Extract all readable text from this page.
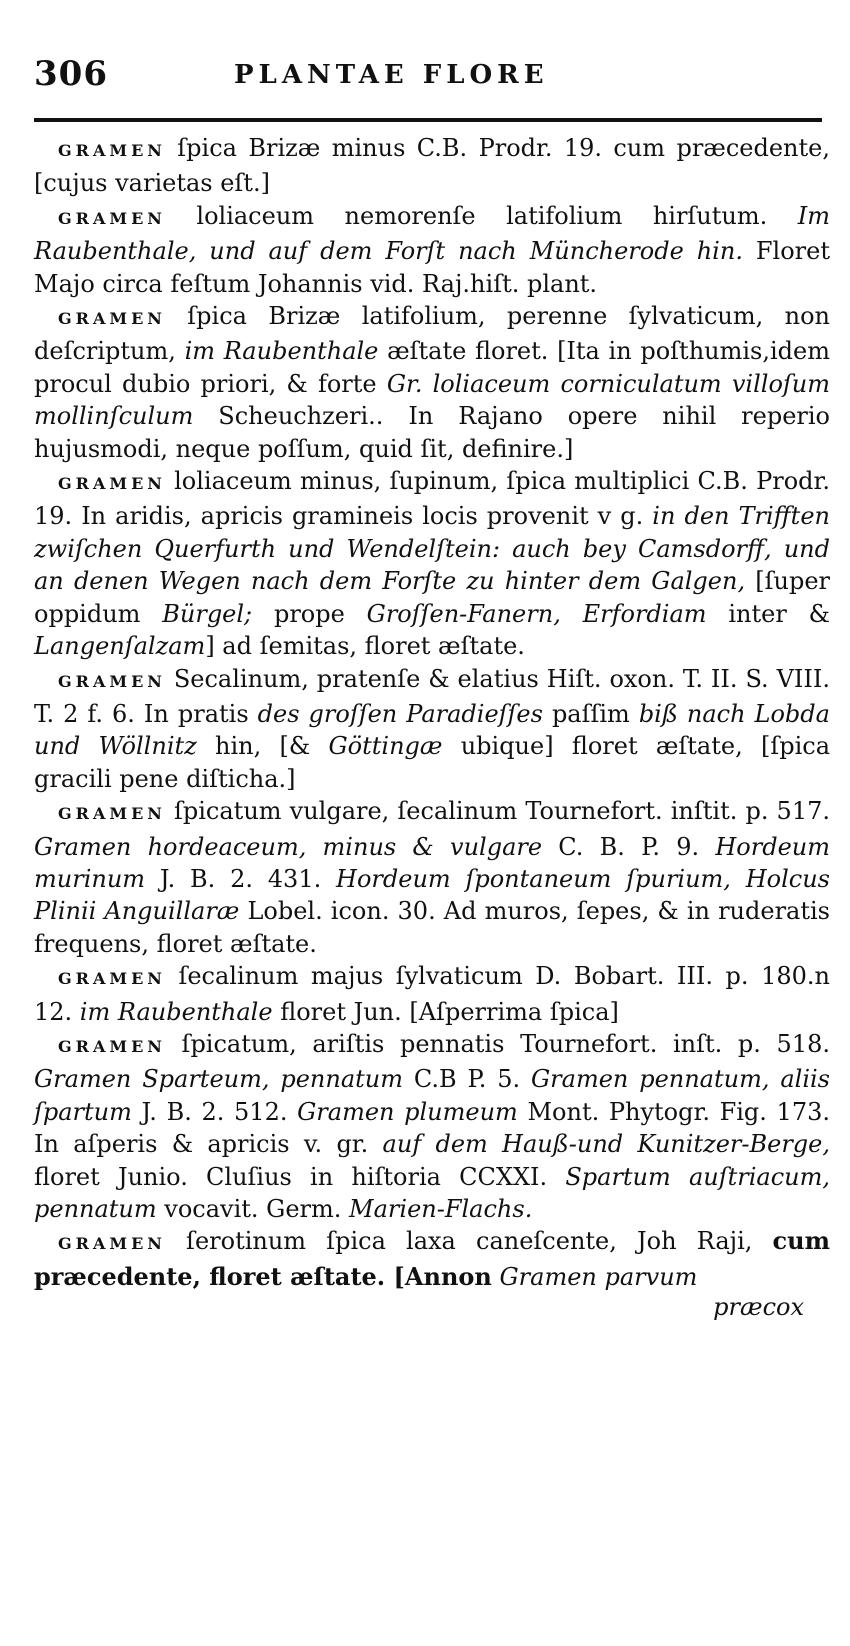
306	PLANTAE FLORE

GRAMEN ſpica Brizæ minus C.B. Prodr. 19. cum præcedente, [cujus varietas eſt.]

GRAMEN loliaceum nemorenſe latifolium hirſutum. Im Raubenthale, und auf dem Forſt nach Müncherode hin. Floret Majo circa feſtum Johannis vid. Raj.hiſt. plant.

GRAMEN ſpica Brizæ latifolium, perenne ſylvaticum, non deſcriptum, im Raubenthale æſtate floret. [Ita in poſthumis,idem procul dubio priori, & forte Gr. loliaceum corniculatum villoſum mollinſculum Scheuchzeri.. In Rajano opere nihil reperio hujusmodi, neque poſſum, quid ſit, definire.]

GRAMEN loliaceum minus, ſupinum, ſpica multiplici C.B. Prodr. 19. In aridis, apricis gramineis locis provenit v g. in den Trifften zwiſchen Querfurth und Wendelſtein: auch bey Camsdorff, und an denen Wegen nach dem Forſte zu hinter dem Galgen, [ſuper oppidum Bürgel; prope Groſſen-Fanern, Erfordiam inter & Langenſalzam] ad ſemitas, floret æſtate.

GRAMEN Secalinum, pratenſe & elatius Hiſt. oxon. T. II. S. VIII. T. 2 f. 6. In pratis des groſſen Paradieſſes paſſim biß nach Lobda und Wöllnitz hin, [& Göttingæ ubique] floret æſtate, [ſpica gracili pene diſticha.]

GRAMEN ſpicatum vulgare, ſecalinum Tournefort. inſtit. p. 517. Gramen hordeaceum, minus & vulgare C. B. P. 9. Hordeum murinum J. B. 2. 431. Hordeum ſpontaneum ſpurium, Holcus Plinii Anguillaræ Lobel. icon. 30. Ad muros, ſepes, & in ruderatis frequens, floret æſtate.

GRAMEN ſecalinum majus ſylvaticum D. Bobart. III. p. 180.n 12. im Raubenthale floret Jun. [Aſperrima ſpica]

GRAMEN ſpicatum, ariſtis pennatis Tournefort. inſt. p. 518. Gramen Sparteum, pennatum C.B P. 5. Gramen pennatum, aliis ſpartum J. B. 2. 512. Gramen plumeum Mont. Phytogr. Fig. 173. In aſperis & apricis v. gr. auf dem Hauß-und Kunitzer-Berge, floret Junio. Cluſius in hiſtoria CCXXI. Spartum auſtriacum, pennatum vocavit. Germ. Marien-Flachs.

GRAMEN ſerotinum ſpica laxa caneſcente, Joh Raji, cum præcedente, floret æſtate. [Annon Gramen parvum

præcox
